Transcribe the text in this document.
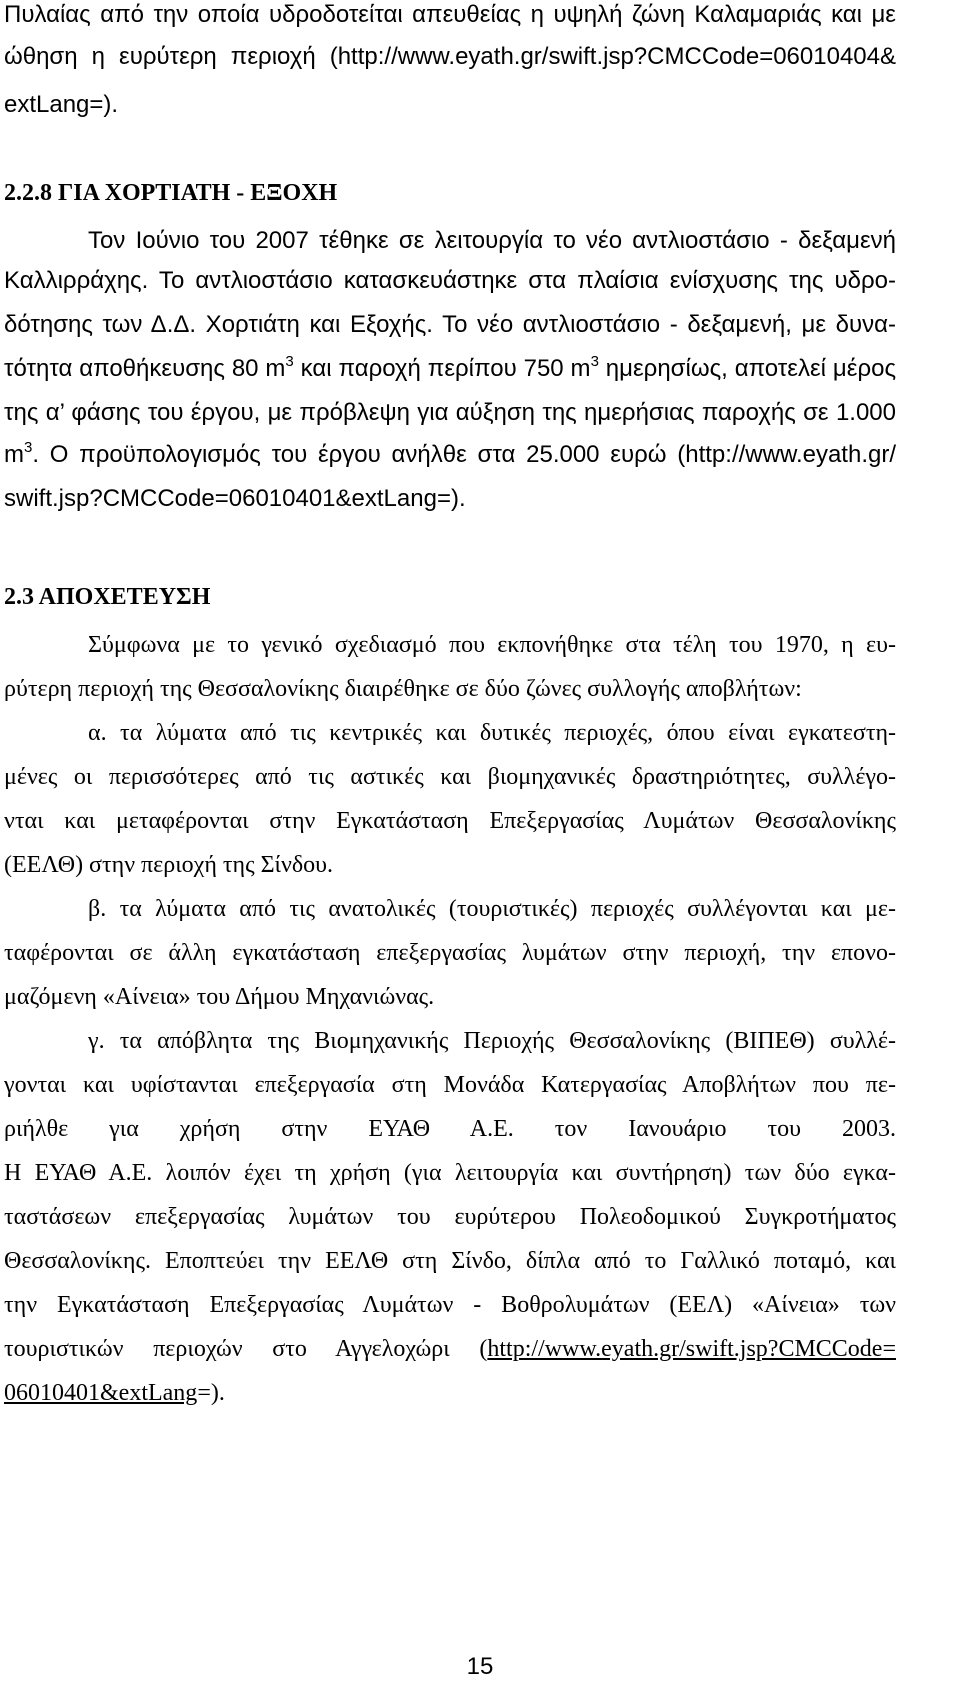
Πυλαίας από την οποία υδροδοτείται απευθείας η υψηλή ζώνη Καλαμαριάς και με
ώθηση η ευρύτερη περιοχή (http://www.eyath.gr/swift.jsp?CMCCode=06010404&
extLang=).
2.2.8 ΓΙΑ ΧΟΡΤΙΑΤΗ - ΕΞΟΧΗ
Τον Ιούνιο του 2007 τέθηκε σε λειτουργία το νέο αντλιοστάσιο - δεξαμενή
Καλλιρράχης. Το αντλιοστάσιο κατασκευάστηκε στα πλαίσια ενίσχυσης της υδρο-
δότησης των Δ.Δ. Χορτιάτη και Εξοχής. Το νέο αντλιοστάσιο - δεξαμενή, με δυνα-
τότητα αποθήκευσης 80 $m^3$ και παροχή περίπου 750 $m^3$ ημερησίως, αποτελεί μέρος
της α’ φάσης του έργου, με πρόβλεψη για αύξηση της ημερήσιας παροχής σε 1.000
$m^3$. Ο προϋπολογισμός του έργου ανήλθε στα 25.000 ευρώ (http://www.eyath.gr/
swift.jsp?CMCCode=06010401&extLang=).
2.3 ΑΠΟΧΕΤΕΥΣΗ
Σύμφωνα με το γενικό σχεδιασμό που εκπονήθηκε στα τέλη του 1970, η ευ-
ρύτερη περιοχή της Θεσσαλονίκης διαιρέθηκε σε δύο ζώνες συλλογής αποβλήτων:
α. τα λύματα από τις κεντρικές και δυτικές περιοχές, όπου είναι εγκατεστη-
μένες οι περισσότερες από τις αστικές και βιομηχανικές δραστηριότητες, συλλέγο-
νται και μεταφέρονται στην Εγκατάσταση Επεξεργασίας Λυμάτων Θεσσαλονίκης
(ΕΕΛΘ) στην περιοχή της Σίνδου.
β. τα λύματα από τις ανατολικές (τουριστικές) περιοχές συλλέγονται και με-
ταφέρονται σε άλλη εγκατάσταση επεξεργασίας λυμάτων στην περιοχή, την επονο-
μαζόμενη «Αίνεια» του Δήμου Μηχανιώνας.
γ. τα απόβλητα της Βιομηχανικής Περιοχής Θεσσαλονίκης (ΒΙΠΕΘ) συλλέ-
γονται και υφίστανται επεξεργασία στη Μονάδα Κατεργασίας Αποβλήτων που πε-
ριήλθε για χρήση στην ΕΥΑΘ Α.Ε. τον Ιανουάριο του 2003.
Η ΕΥΑΘ Α.Ε. λοιπόν έχει τη χρήση (για λειτουργία και συντήρηση) των δύο εγκα-
ταστάσεων επεξεργασίας λυμάτων του ευρύτερου Πολεοδομικού Συγκροτήματος
Θεσσαλονίκης. Εποπτεύει την ΕΕΛΘ στη Σίνδο, δίπλα από το Γαλλικό ποταμό, και
την Εγκατάσταση Επεξεργασίας Λυμάτων - Βοθρολυμάτων (ΕΕΛ) «Αίνεια» των
τουριστικών περιοχών στο Αγγελοχώρι (http://www.eyath.gr/swift.jsp?CMCCode=
06010401&extLang=).
15
